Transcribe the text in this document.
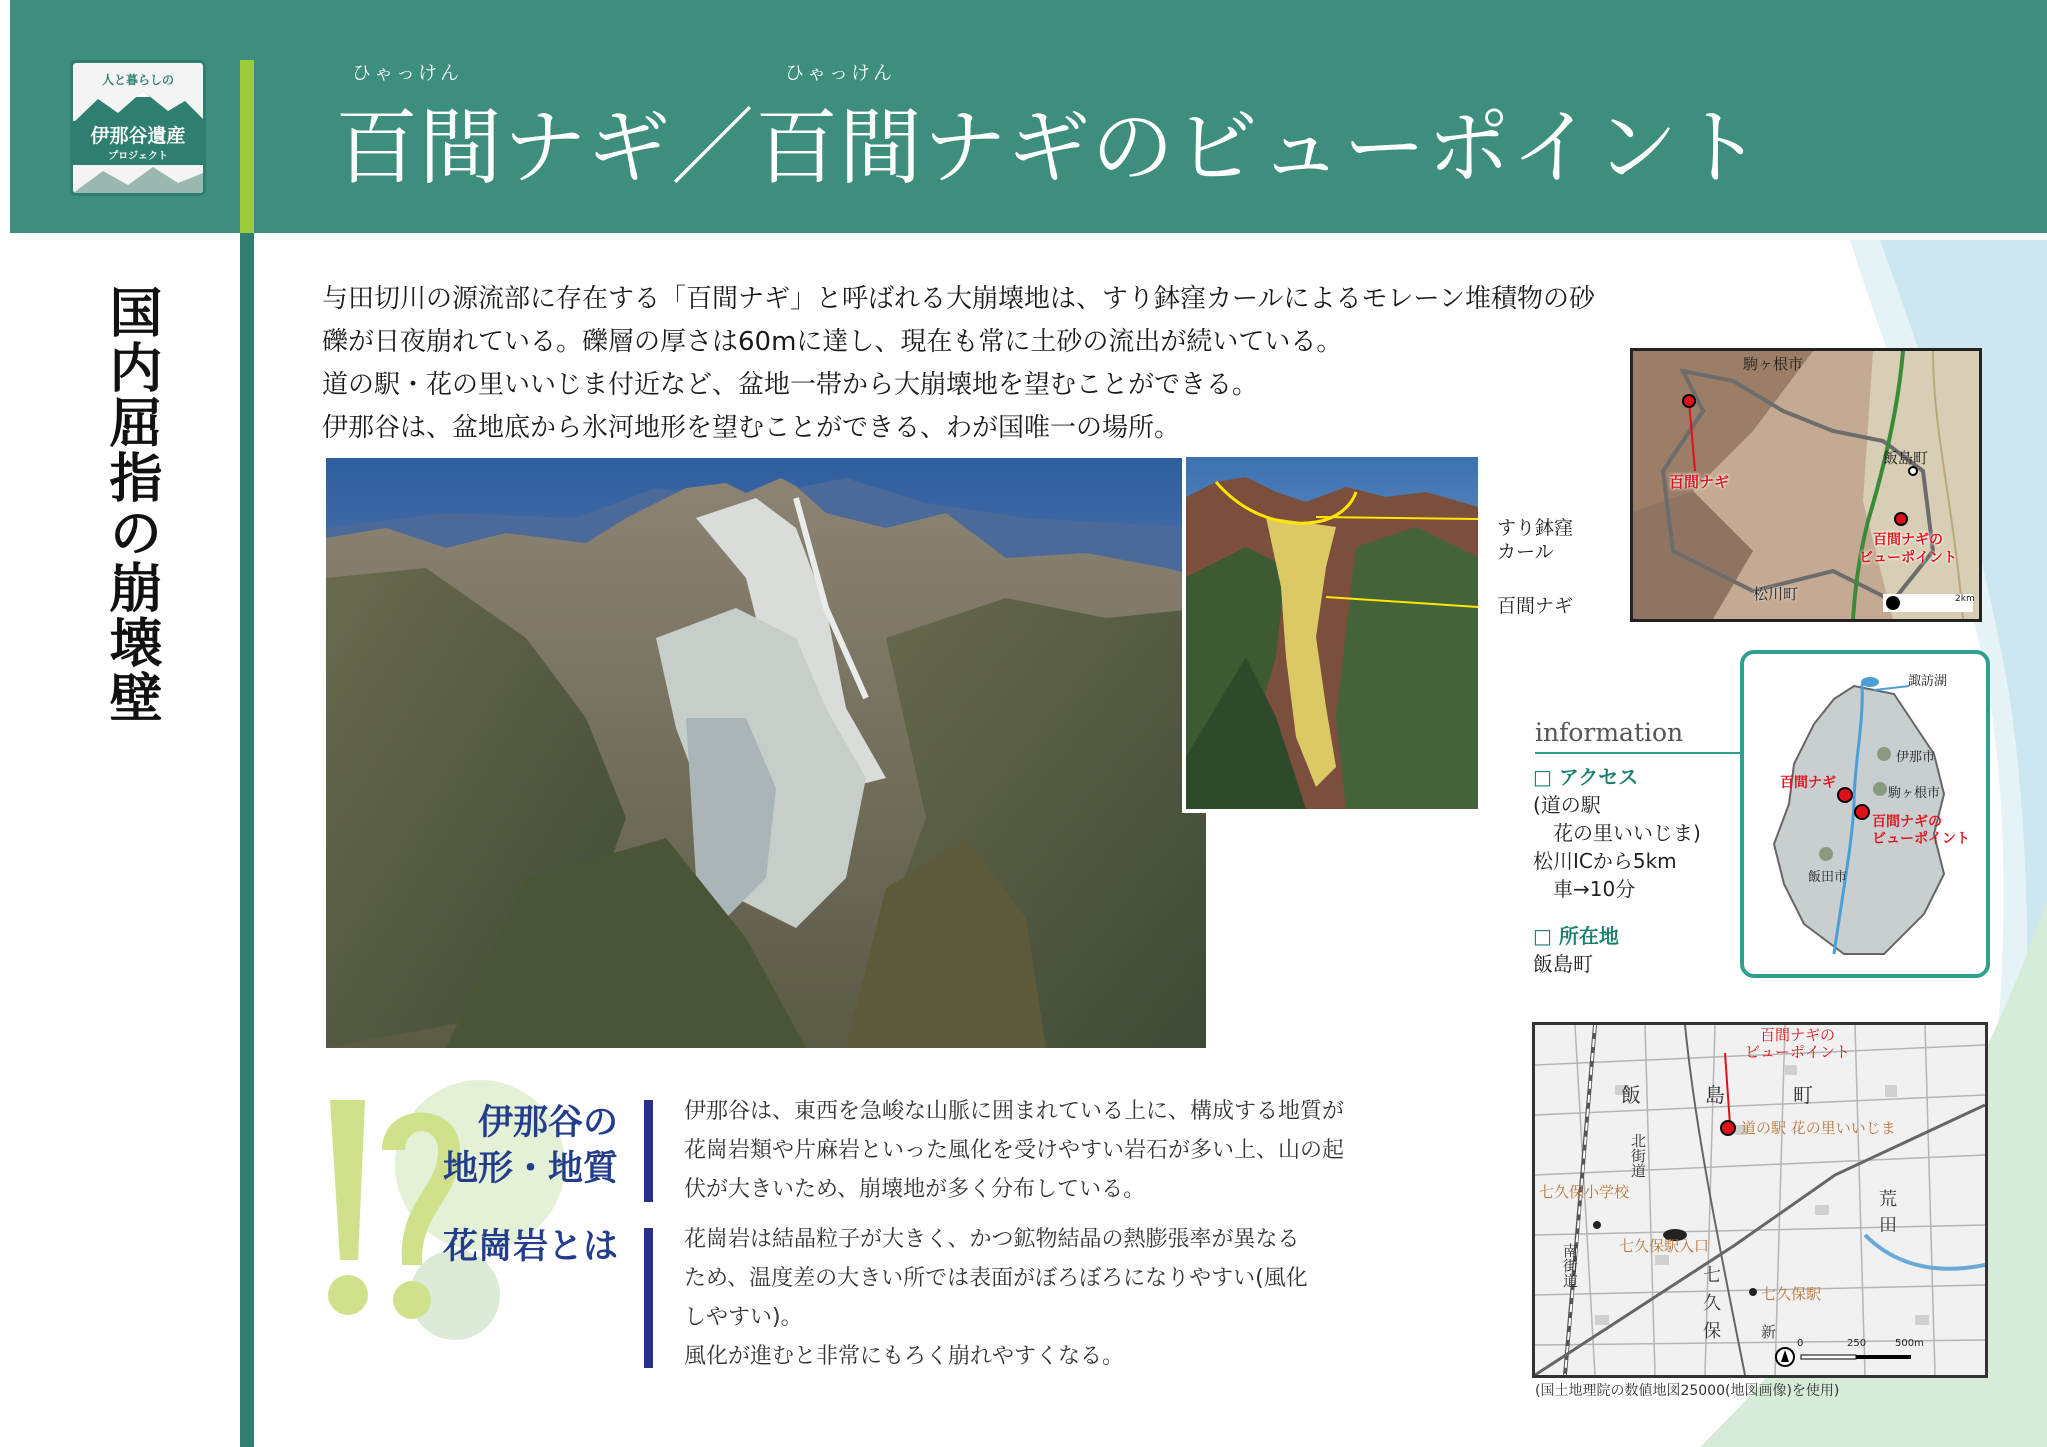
人と暮らしの
伊那谷遺産
プロジェクト
ひゃっけん	ひゃっけん
百間ナギ／百間ナギのビューポイント
国内屈指の崩壊壁	与田切川の源流部に存在する「百間ナギ」と呼ばれる大崩壊地は、すり鉢窪カールによるモレーン堆積物の砂

礫が日夜崩れている。礫層の厚さは60mに達し、現在も常に土砂の流出が続いている。

道の駅・花の里いいじま付近など、盆地一帯から大崩壊地を望むことができる。

伊那谷は、盆地底から氷河地形を望むことができる、わが国唯一の場所。

すり鉢窪
カール
百間ナギ
駒ヶ根市
飯島町
百間ナギ
百間ナギの
ビューポイント
松川町	2km
information
□ アクセス
(道の駅
　花の里いいじま)
松川ICから5km
　車→10分
□ 所在地
飯島町
諏訪湖
伊那市
百間ナギ
駒ヶ根市
百間ナギの
ビューポイント
飯田市
百間ナギの
ビューポイント
飯	島	町
道の駅 花の里いいじま
北街道
七久保小学校
七久保駅入口
南街道
七久保駅
荒
田
七
久
保	新
0	250	500m
(国土地理院の数値地図25000(地図画像)を使用)
伊那谷の
地形・地質

伊那谷は、東西を急峻な山脈に囲まれている上に、構成する地質が

花崗岩類や片麻岩といった風化を受けやすい岩石が多い上、山の起

伏が大きいため、崩壊地が多く分布している。

花崗岩とは	花崗岩は結晶粒子が大きく、かつ鉱物結晶の熱膨張率が異なる

ため、温度差の大きい所では表面がぼろぼろになりやすい(風化

しやすい)。

風化が進むと非常にもろく崩れやすくなる。
